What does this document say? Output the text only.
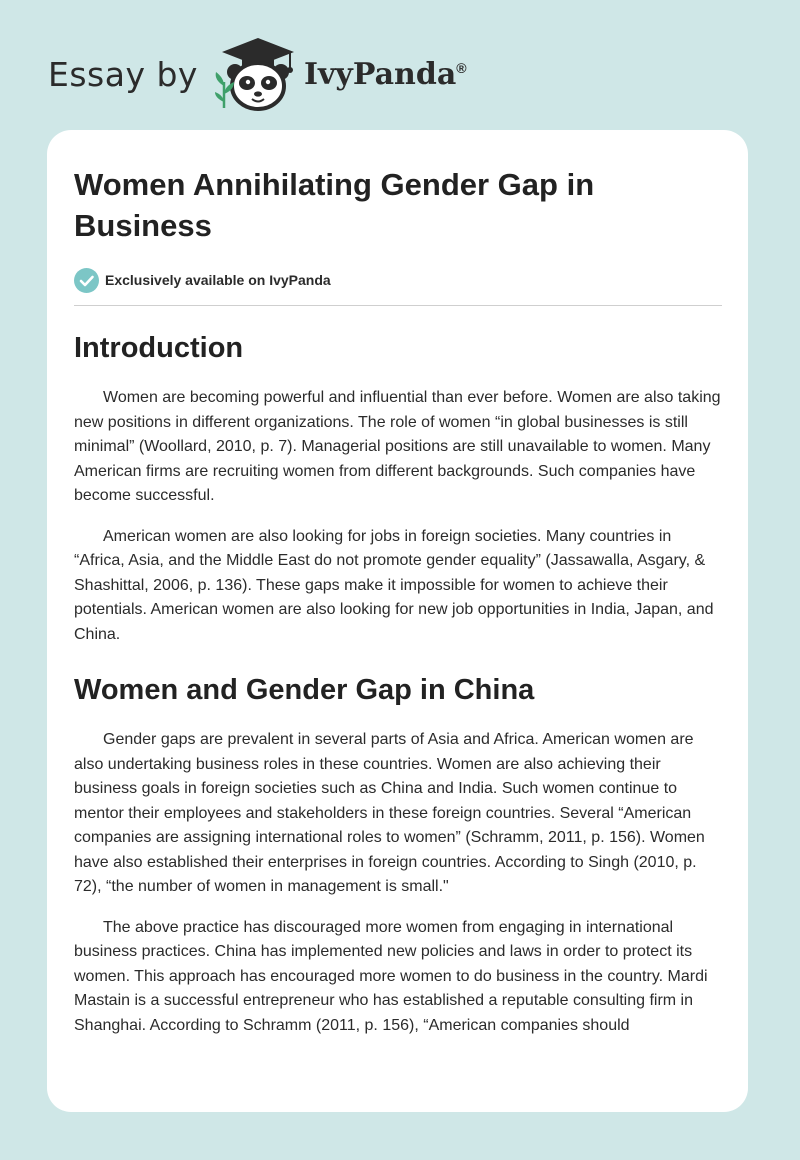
Essay by	IvyPanda®
Women Annihilating Gender Gap in Business
Exclusively available on IvyPanda
Introduction

Women are becoming powerful and influential than ever before. Women are also taking new positions in different organizations. The role of women “in global businesses is still minimal” (Woollard, 2010, p. 7). Managerial positions are still unavailable to women. Many American firms are recruiting women from different backgrounds. Such companies have become successful.

American women are also looking for jobs in foreign societies. Many countries in “Africa, Asia, and the Middle East do not promote gender equality” (Jassawalla, Asgary, & Shashittal, 2006, p. 136). These gaps make it impossible for women to achieve their potentials. American women are also looking for new job opportunities in India, Japan, and China.

Women and Gender Gap in China

Gender gaps are prevalent in several parts of Asia and Africa. American women are also undertaking business roles in these countries. Women are also achieving their business goals in foreign societies such as China and India. Such women continue to mentor their employees and stakeholders in these foreign countries. Several “American companies are assigning international roles to women” (Schramm, 2011, p. 156). Women have also established their enterprises in foreign countries. According to Singh (2010, p. 72), “the number of women in management is small."

The above practice has discouraged more women from engaging in international business practices. China has implemented new policies and laws in order to protect its women. This approach has encouraged more women to do business in the country. Mardi Mastain is a successful entrepreneur who has established a reputable consulting firm in Shanghai. According to Schramm (2011, p. 156), “American companies should
